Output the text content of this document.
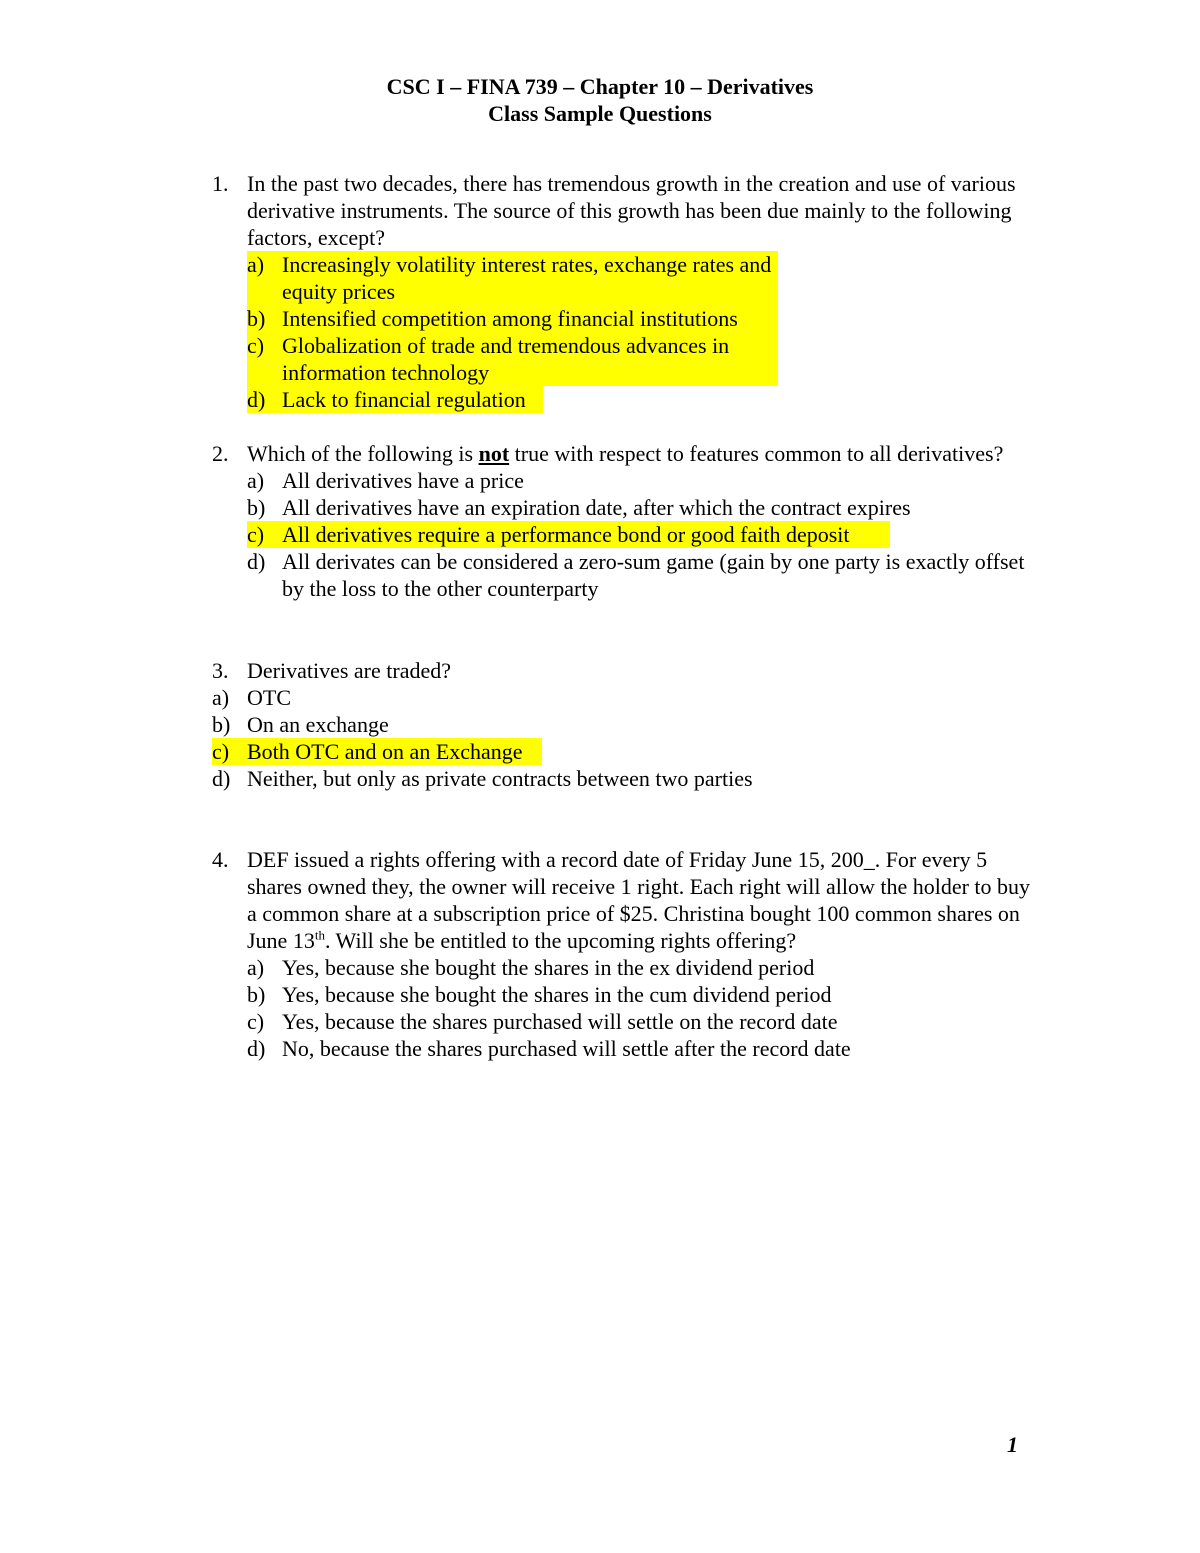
CSC I – FINA 739 – Chapter 10 – Derivatives
Class Sample Questions
1. In the past two decades, there has tremendous growth in the creation and use of various derivative instruments. The source of this growth has been due mainly to the following factors, except?
a) Increasingly volatility interest rates, exchange rates and equity prices
b) Intensified competition among financial institutions
c) Globalization of trade and tremendous advances in information technology
d) Lack to financial regulation
2. Which of the following is not true with respect to features common to all derivatives?
a) All derivatives have a price
b) All derivatives have an expiration date, after which the contract expires
c) All derivatives require a performance bond or good faith deposit
d) All derivates can be considered a zero-sum game (gain by one party is exactly offset by the loss to the other counterparty
3. Derivatives are traded?
a) OTC
b) On an exchange
c) Both OTC and on an Exchange
d) Neither, but only as private contracts between two parties
4. DEF issued a rights offering with a record date of Friday June 15, 200_. For every 5 shares owned they, the owner will receive 1 right. Each right will allow the holder to buy a common share at a subscription price of $25. Christina bought 100 common shares on June 13th. Will she be entitled to the upcoming rights offering?
a) Yes, because she bought the shares in the ex dividend period
b) Yes, because she bought the shares in the cum dividend period
c) Yes, because the shares purchased will settle on the record date
d) No, because the shares purchased will settle after the record date
1
